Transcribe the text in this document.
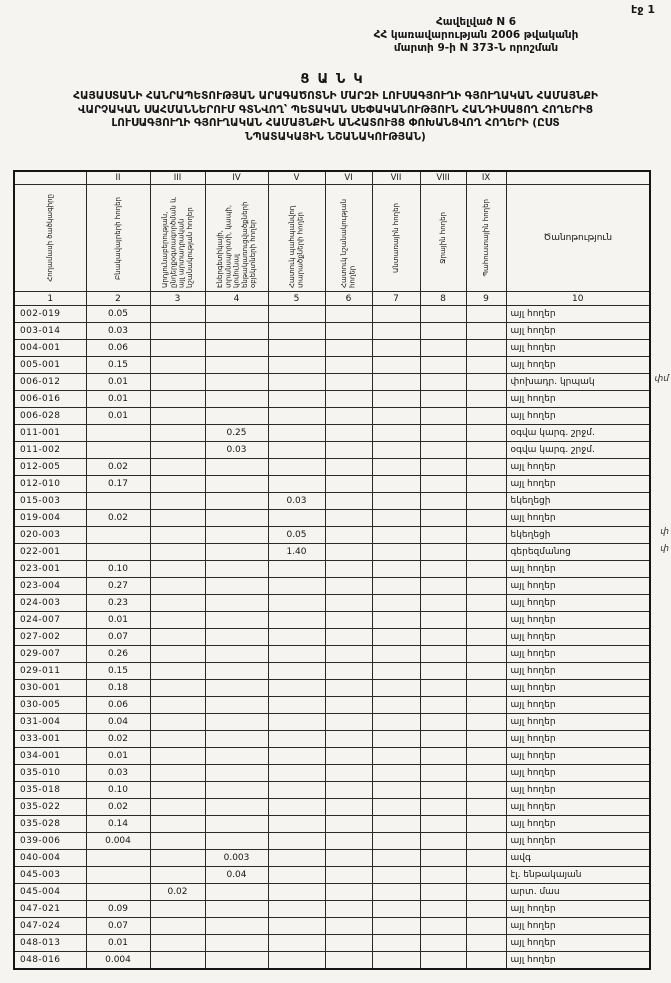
էջ 1
Հավելված N 6
ՀՀ կառավարության 2006 թվականի
մարտի 9-ի N 373-Ն որոշման
ՑԱՆԿ
ՀԱՅԱՍՏԱՆԻ ՀԱՆՐԱՊԵՏՈՒԹՅԱՆ ԱՐԱԳԱԾՈՏՆԻ ՄԱՐԶԻ ԼՈՒՍԱԳՅՈՒՂԻ ԳՅՈՒՂԱԿԱՆ ՀԱՄԱՅՆՔԻ
ՎԱՐՉԱԿԱՆ ՍԱՀՄԱՆՆԵՐՈՒՄ ԳՏՆՎՈՂ՝ ՊԵՏԱԿԱՆ ՍԵՓԱԿԱՆՈՒԹՅՈՒՆ ՀԱՆԴԻՍԱՑՈՂ ՀՈՂԵՐԻՑ
ԼՈՒՍԱԳՅՈՒՂԻ ԳՅՈՒՂԱԿԱՆ ՀԱՄԱՅՆՔԻՆ ԱՆՀԱՏՈՒՅՑ ՓՈԽԱՆՑՎՈՂ ՀՈՂԵՐԻ (ԸՍՏ
ՆՊԱՏԱԿԱՅԻՆ ՆՇԱՆԱԿՈՒԹՅԱՆ)
	II	III	IV	V	VI	VII	VIII	IX	

Հողամասի ծածկագիրը	Բնակավայրերի հողեր	Արդյունաբերության, ընդերքօգտագործման և այլ արտադրական նշանակության հողեր	Էներգետիկայի, տրանսպորտի, կապի, կոմունալ ենթակառուցվածքների օբյեկտների հողեր	Հատուկ պահպանվող տարածքների հողեր	Հատուկ նշանակության հողեր	Անտառային հողեր	Ջրային հողեր	Պահուստային հողեր	Ծանոթություն

1	2	3	4	5	6	7	8	9	10
002-019	0.05								այլ հողեր
003-014	0.03								այլ հողեր
004-001	0.06								այլ հողեր
005-001	0.15								այլ հողեր
006-012	0.01								փոխադր. կրպակ
006-016	0.01								այլ հողեր
006-028	0.01								այլ հողեր
011-001			0.25						օգվա կարգ. շրջմ.
011-002			0.03						օգվա կարգ. շրջմ.
012-005	0.02								այլ հողեր
012-010	0.17								այլ հողեր
015-003				0.03					եկեղեցի
019-004	0.02								այլ հողեր
020-003				0.05					եկեղեցի
022-001				1.40					գերեզմանոց
023-001	0.10								այլ հողեր
023-004	0.27								այլ հողեր
024-003	0.23								այլ հողեր
024-007	0.01								այլ հողեր
027-002	0.07								այլ հողեր
029-007	0.26								այլ հողեր
029-011	0.15								այլ հողեր
030-001	0.18								այլ հողեր
030-005	0.06								այլ հողեր
031-004	0.04								այլ հողեր
033-001	0.02								այլ հողեր
034-001	0.01								այլ հողեր
035-010	0.03								այլ հողեր
035-018	0.10								այլ հողեր
035-022	0.02								այլ հողեր
035-028	0.14								այլ հողեր
039-006	0.004								այլ հողեր
040-004			0.003						ավգ
045-003			0.04						էլ. ենթակայան
045-004		0.02							արտ. մաս
047-021	0.09								այլ հողեր
047-024	0.07								այլ հողեր
048-013	0.01								այլ հողեր
048-016	0.004								այլ հողեր
փմ
փ
փ
